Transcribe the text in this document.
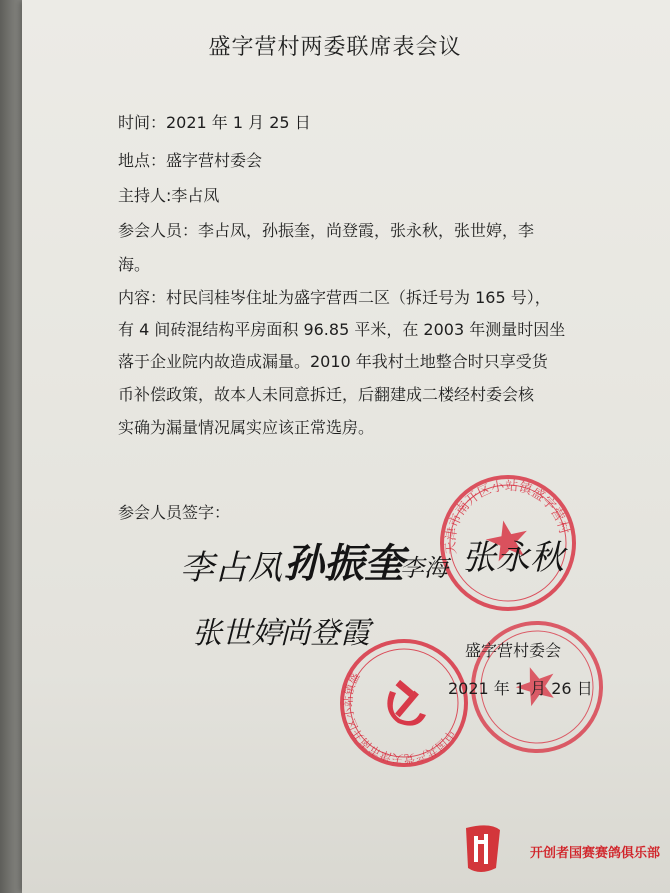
盛字营村两委联席表会议
时间：2021 年 1 月 25 日
地点：盛字营村委会
主持人:李占凤
参会人员：李占凤，孙振奎，尚登霞，张永秋，张世婷，李
海。
内容：村民闫桂岑住址为盛字营西二区（拆迁号为 165 号），
有 4 间砖混结构平房面积 96.85 平米，在 2003 年测量时因坐
落于企业院内故造成漏量。2010 年我村土地整合时只享受货
币补偿政策，故本人未同意拆迁，后翻建成二楼经村委会核
实确为漏量情况属实应该正常选房。
参会人员签字：
天津市南开区小站镇盛字营村
中国共产党天津市南开区小站镇盛字营村委员会
李占凤 孙振奎
李海 张永秋
张世婷
尚登霞	盛字营村委会
2021 年 1 月 26 日
开创者国赛赛鸽俱乐部
